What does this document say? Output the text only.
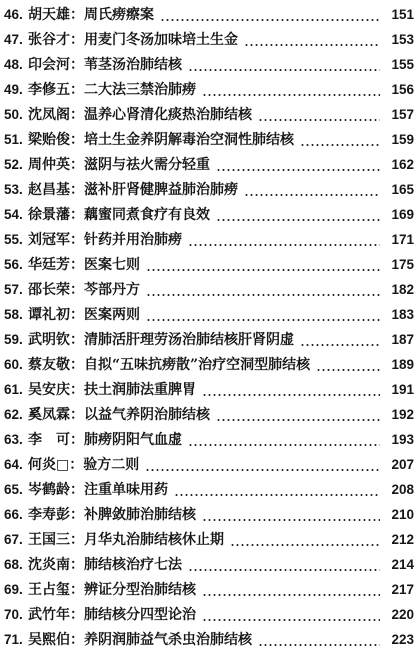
46. 胡天雄： 周氏痨瘵案	151
47. 张谷才： 用麦门冬汤加味培土生金	153
48. 印会河： 苇茎汤治肺结核	155
49. 李修五： 二大法三禁治肺痨	156
50. 沈凤阁： 温养心肾清化痰热治肺结核	157
51. 梁贻俊： 培土生金养阴解毒治空洞性肺结核	159
52. 周仲英： 滋阴与祛火需分轻重	162
53. 赵昌基： 滋补肝肾健脾益肺治肺痨	165
54. 徐景藩： 藕蜜同煮食疗有良效	169
55. 刘冠军： 针药并用治肺痨	171
56. 华廷芳： 医案七则	175
57. 邵长荣： 芩部丹方	182
58. 谭礼初： 医案两则	183
59. 武明钦： 清肺活肝理劳汤治肺结核肝肾阴虚	187
60. 蔡友敬： 自拟“五味抗痨散”治疗空洞型肺结核	189
61. 吴安庆： 扶土润肺法重脾胃	191
62. 奚凤霖： 以益气养阴治肺结核	192
63. 李　可： 肺痨阴阳气血虚	193
64. 何炎□： 验方二则	207
65. 岑鹤龄： 注重单味用药	208
66. 李寿彭： 补脾敛肺治肺结核	210
67. 王国三： 月华丸治肺结核休止期	212
68. 沈炎南： 肺结核治疗七法	214
69. 王占玺： 辨证分型治肺结核	217
70. 武竹年： 肺结核分四型论治	220
71. 吴熙伯： 养阴润肺益气杀虫治肺结核	223
